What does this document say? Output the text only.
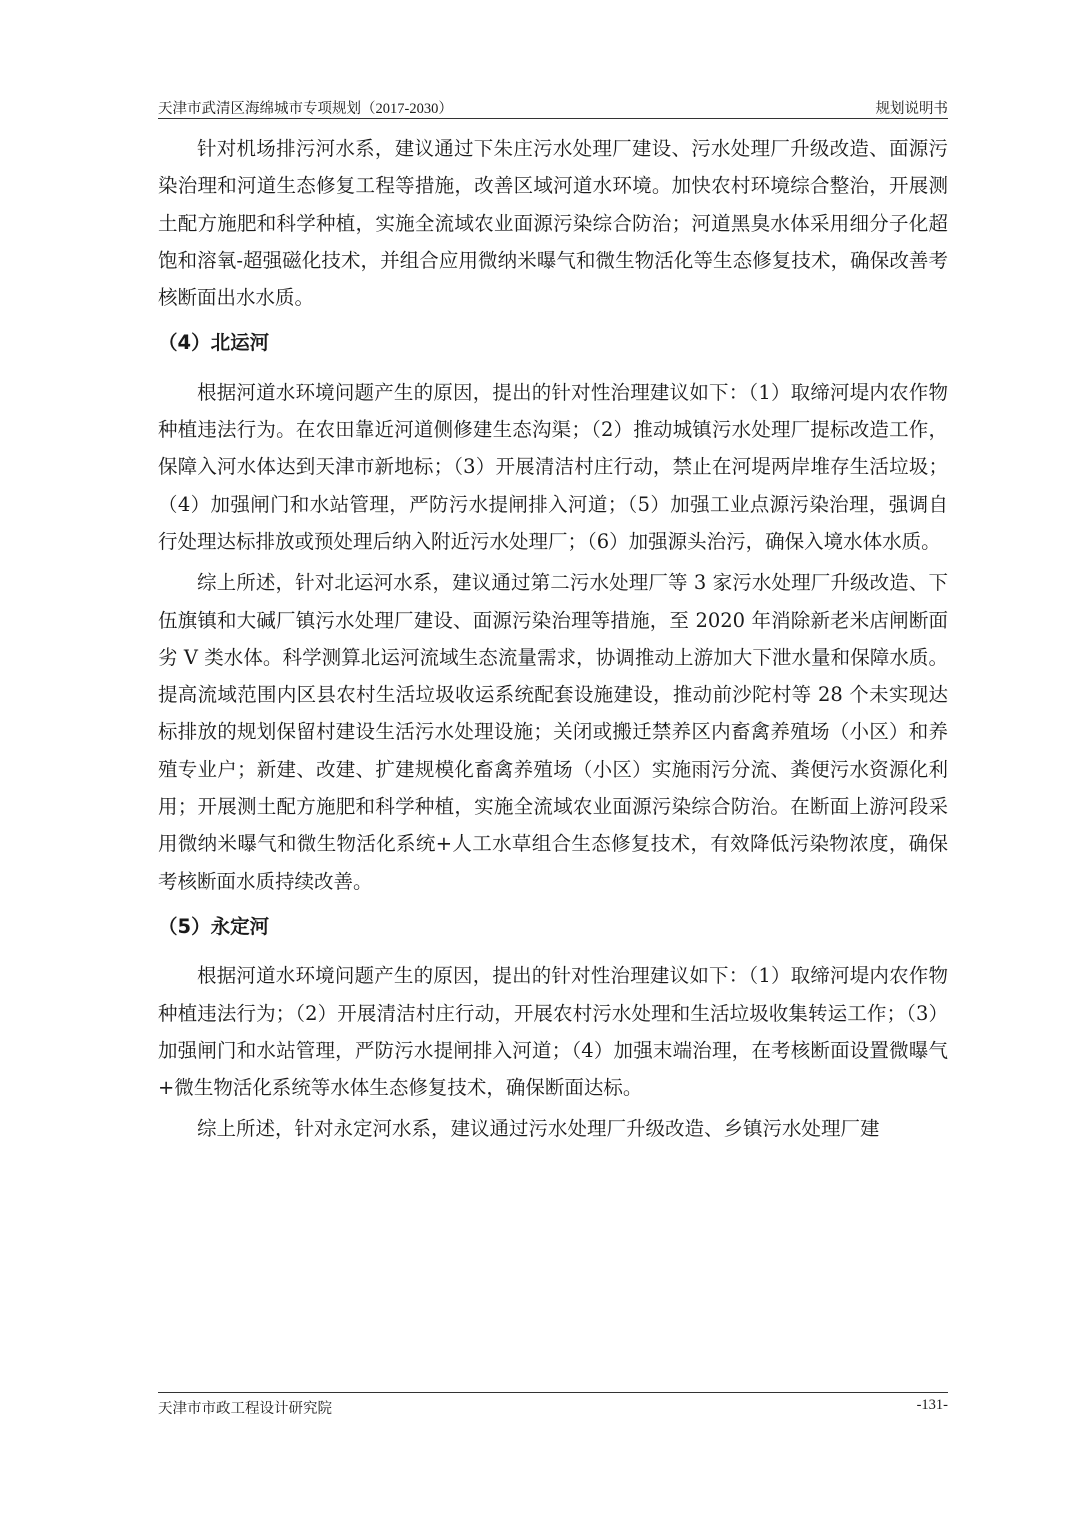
天津市武清区海绵城市专项规划（2017-2030）	规划说明书

针对机场排污河水系，建议通过下朱庄污水处理厂建设、污水处理厂升级改造、面源污染治理和河道生态修复工程等措施，改善区域河道水环境。加快农村环境综合整治，开展测土配方施肥和科学种植，实施全流域农业面源污染综合防治；河道黑臭水体采用细分子化超饱和溶氧-超强磁化技术，并组合应用微纳米曝气和微生物活化等生态修复技术，确保改善考核断面出水水质。

（4）北运河

根据河道水环境问题产生的原因，提出的针对性治理建议如下：（1）取缔河堤内农作物种植违法行为。在农田靠近河道侧修建生态沟渠；（2）推动城镇污水处理厂提标改造工作，保障入河水体达到天津市新地标；（3）开展清洁村庄行动，禁止在河堤两岸堆存生活垃圾；（4）加强闸门和水站管理，严防污水提闸排入河道；（5）加强工业点源污染治理，强调自行处理达标排放或预处理后纳入附近污水处理厂；（6）加强源头治污，确保入境水体水质。

综上所述，针对北运河水系，建议通过第二污水处理厂等 3 家污水处理厂升级改造、下伍旗镇和大碱厂镇污水处理厂建设、面源污染治理等措施，至 2020 年消除新老米店闸断面劣 V 类水体。科学测算北运河流域生态流量需求，协调推动上游加大下泄水量和保障水质。提高流域范围内区县农村生活垃圾收运系统配套设施建设，推动前沙陀村等 28 个未实现达标排放的规划保留村建设生活污水处理设施；关闭或搬迁禁养区内畜禽养殖场（小区）和养殖专业户；新建、改建、扩建规模化畜禽养殖场（小区）实施雨污分流、粪便污水资源化利用；开展测土配方施肥和科学种植，实施全流域农业面源污染综合防治。在断面上游河段采用微纳米曝气和微生物活化系统+人工水草组合生态修复技术，有效降低污染物浓度，确保考核断面水质持续改善。

（5）永定河

根据河道水环境问题产生的原因，提出的针对性治理建议如下：（1）取缔河堤内农作物种植违法行为；（2）开展清洁村庄行动，开展农村污水处理和生活垃圾收集转运工作；（3）加强闸门和水站管理，严防污水提闸排入河道；（4）加强末端治理，在考核断面设置微曝气+微生物活化系统等水体生态修复技术，确保断面达标。

综上所述，针对永定河水系，建议通过污水处理厂升级改造、乡镇污水处理厂建

天津市市政工程设计研究院	-131-
